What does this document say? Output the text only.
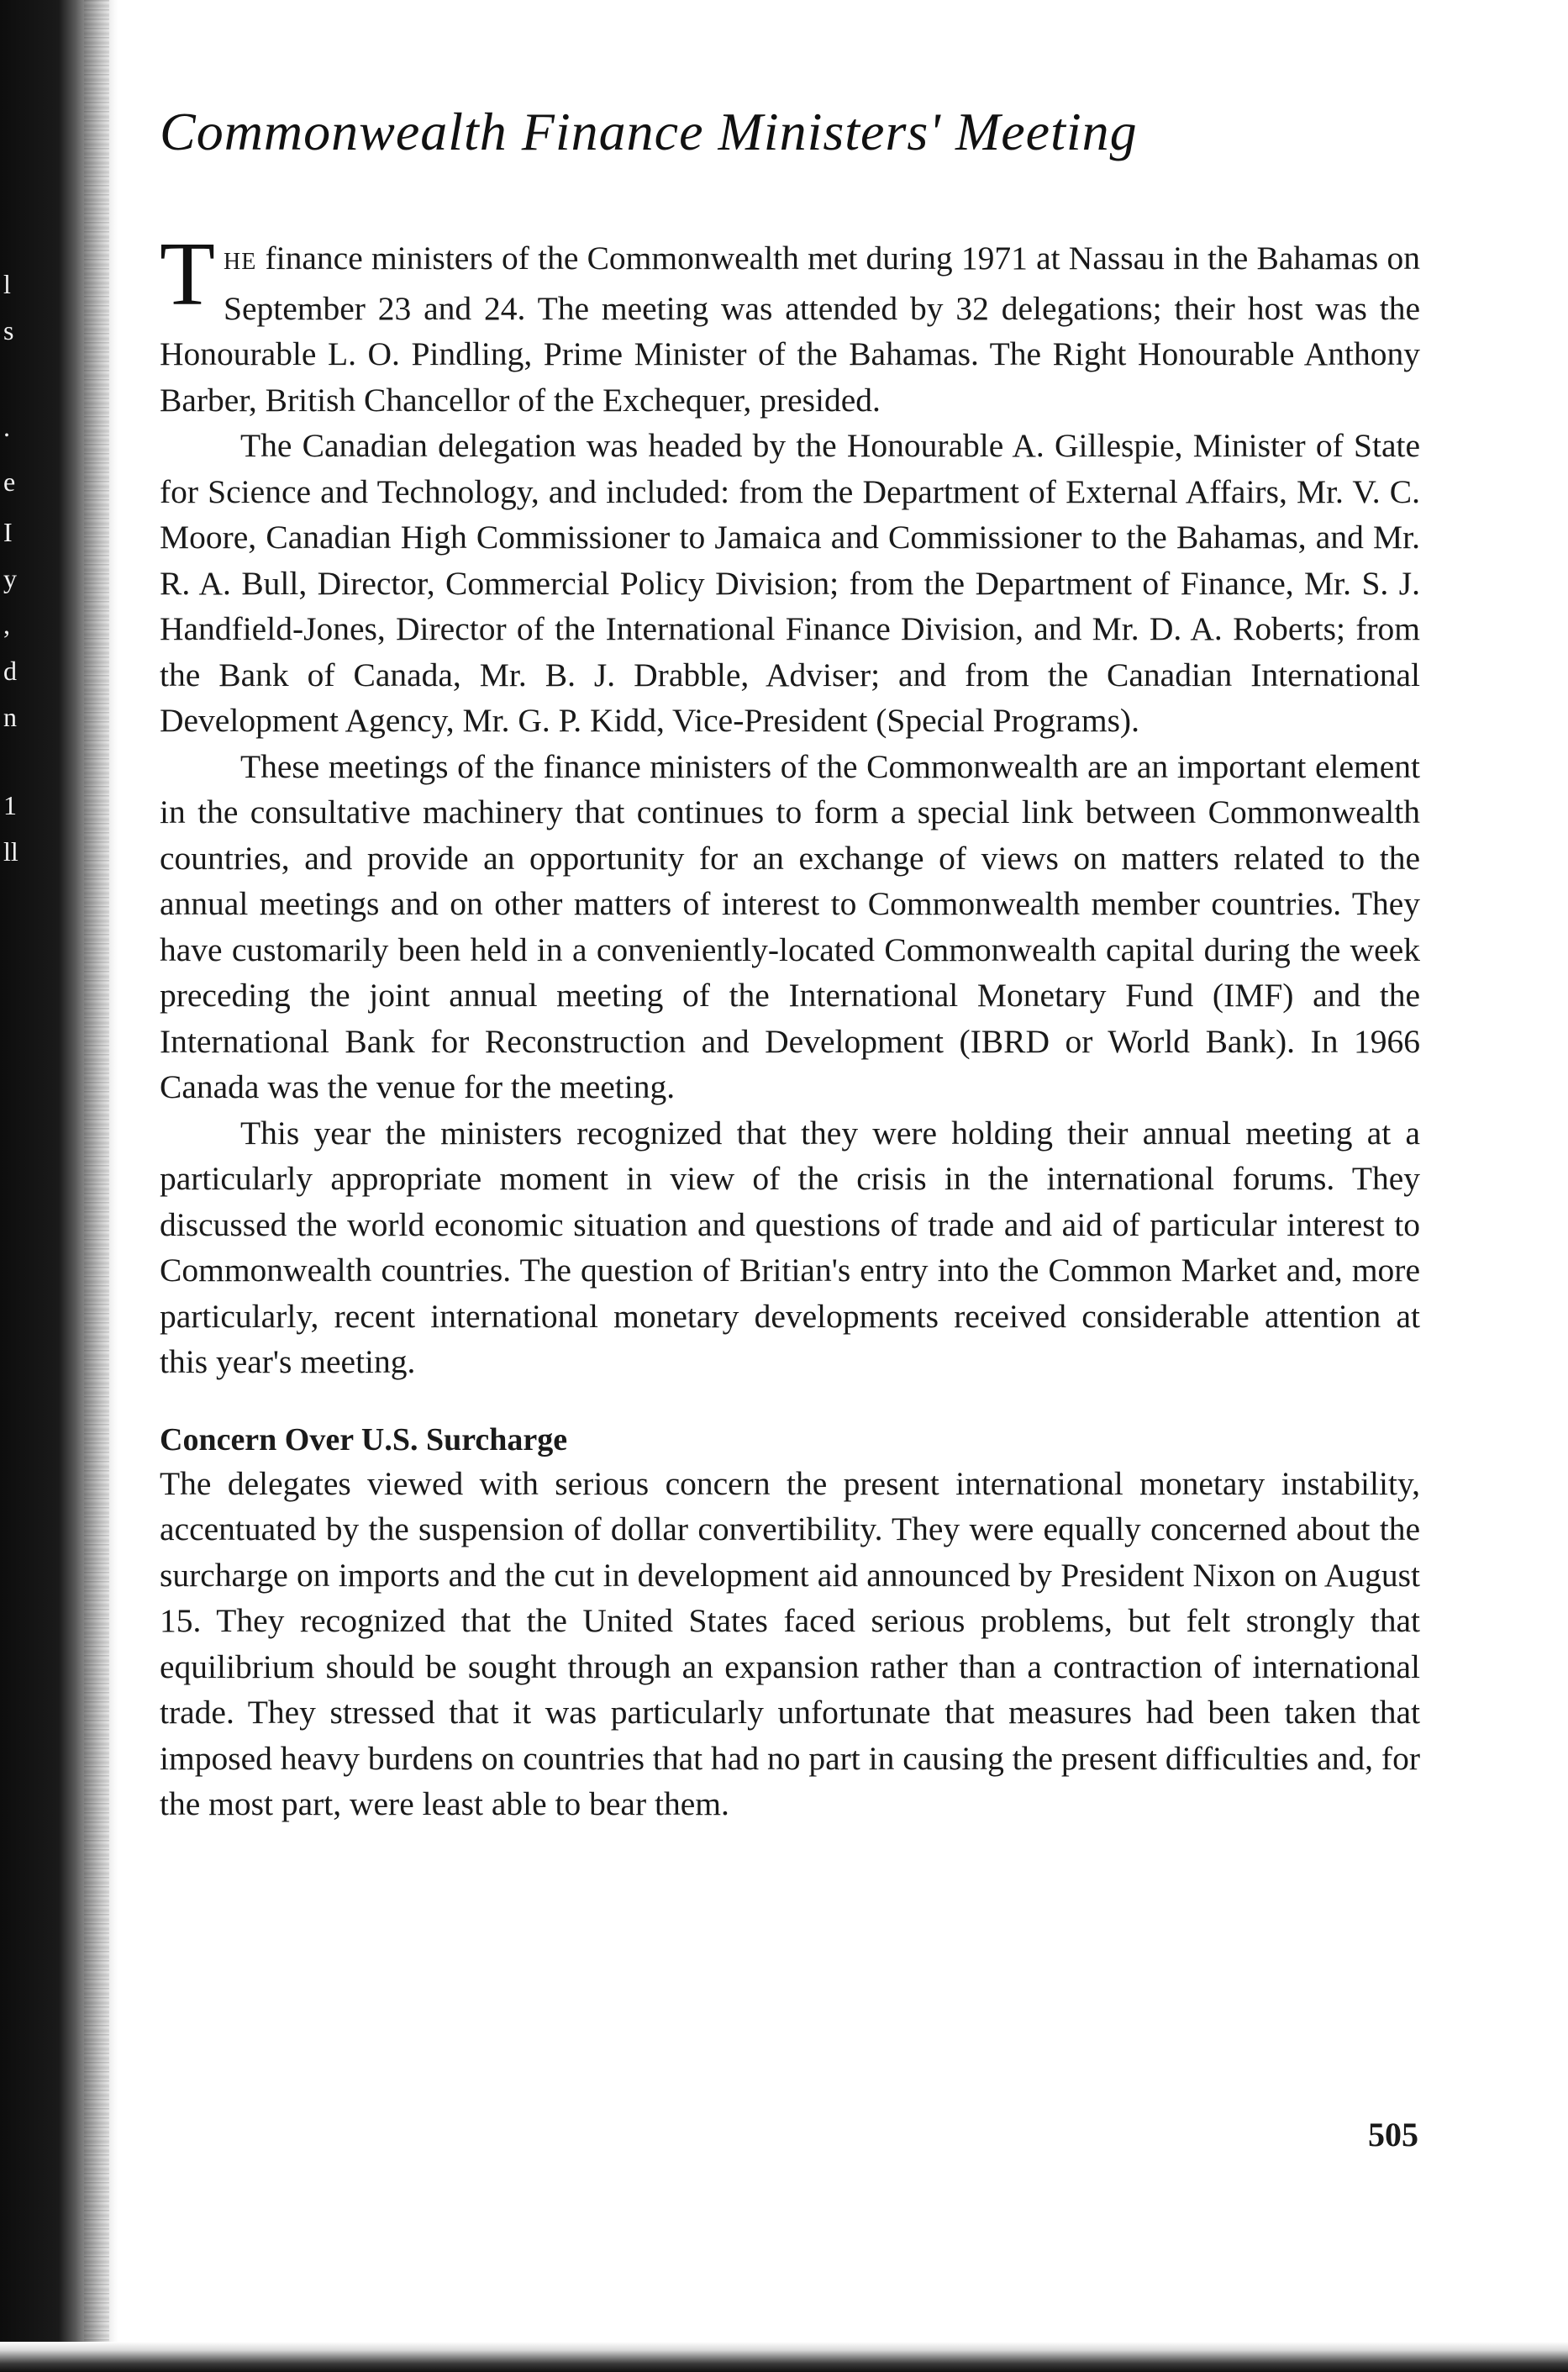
l
s
.
e
I
y
,
d
n
1
ll
Commonwealth Finance Ministers' Meeting

THE finance ministers of the Commonwealth met during 1971 at Nassau in the Bahamas on September 23 and 24. The meeting was attended by 32 delegations; their host was the Honourable L. O. Pindling, Prime Minister of the Bahamas. The Right Honourable Anthony Barber, British Chancellor of the Exchequer, presided.

The Canadian delegation was headed by the Honourable A. Gillespie, Minister of State for Science and Technology, and included: from the Department of External Affairs, Mr. V. C. Moore, Canadian High Commissioner to Jamaica and Commissioner to the Bahamas, and Mr. R. A. Bull, Director, Commercial Policy Division; from the Department of Finance, Mr. S. J. Handfield-Jones, Director of the International Finance Division, and Mr. D. A. Roberts; from the Bank of Canada, Mr. B. J. Drabble, Adviser; and from the Canadian International Development Agency, Mr. G. P. Kidd, Vice-President (Special Programs).

These meetings of the finance ministers of the Commonwealth are an important element in the consultative machinery that continues to form a special link between Commonwealth countries, and provide an opportunity for an exchange of views on matters related to the annual meetings and on other matters of interest to Commonwealth member countries. They have customarily been held in a conveniently-located Commonwealth capital during the week preceding the joint annual meeting of the International Monetary Fund (IMF) and the International Bank for Reconstruction and Development (IBRD or World Bank). In 1966 Canada was the venue for the meeting.

This year the ministers recognized that they were holding their annual meeting at a particularly appropriate moment in view of the crisis in the international forums. They discussed the world economic situation and questions of trade and aid of particular interest to Commonwealth countries. The question of Britian's entry into the Common Market and, more particularly, recent international monetary developments received considerable attention at this year's meeting.

Concern Over U.S. Surcharge

The delegates viewed with serious concern the present international monetary instability, accentuated by the suspension of dollar convertibility. They were equally concerned about the surcharge on imports and the cut in development aid announced by President Nixon on August 15. They recognized that the United States faced serious problems, but felt strongly that equilibrium should be sought through an expansion rather than a contraction of international trade. They stressed that it was particularly unfortunate that measures had been taken that imposed heavy burdens on countries that had no part in causing the present difficulties and, for the most part, were least able to bear them.

505
